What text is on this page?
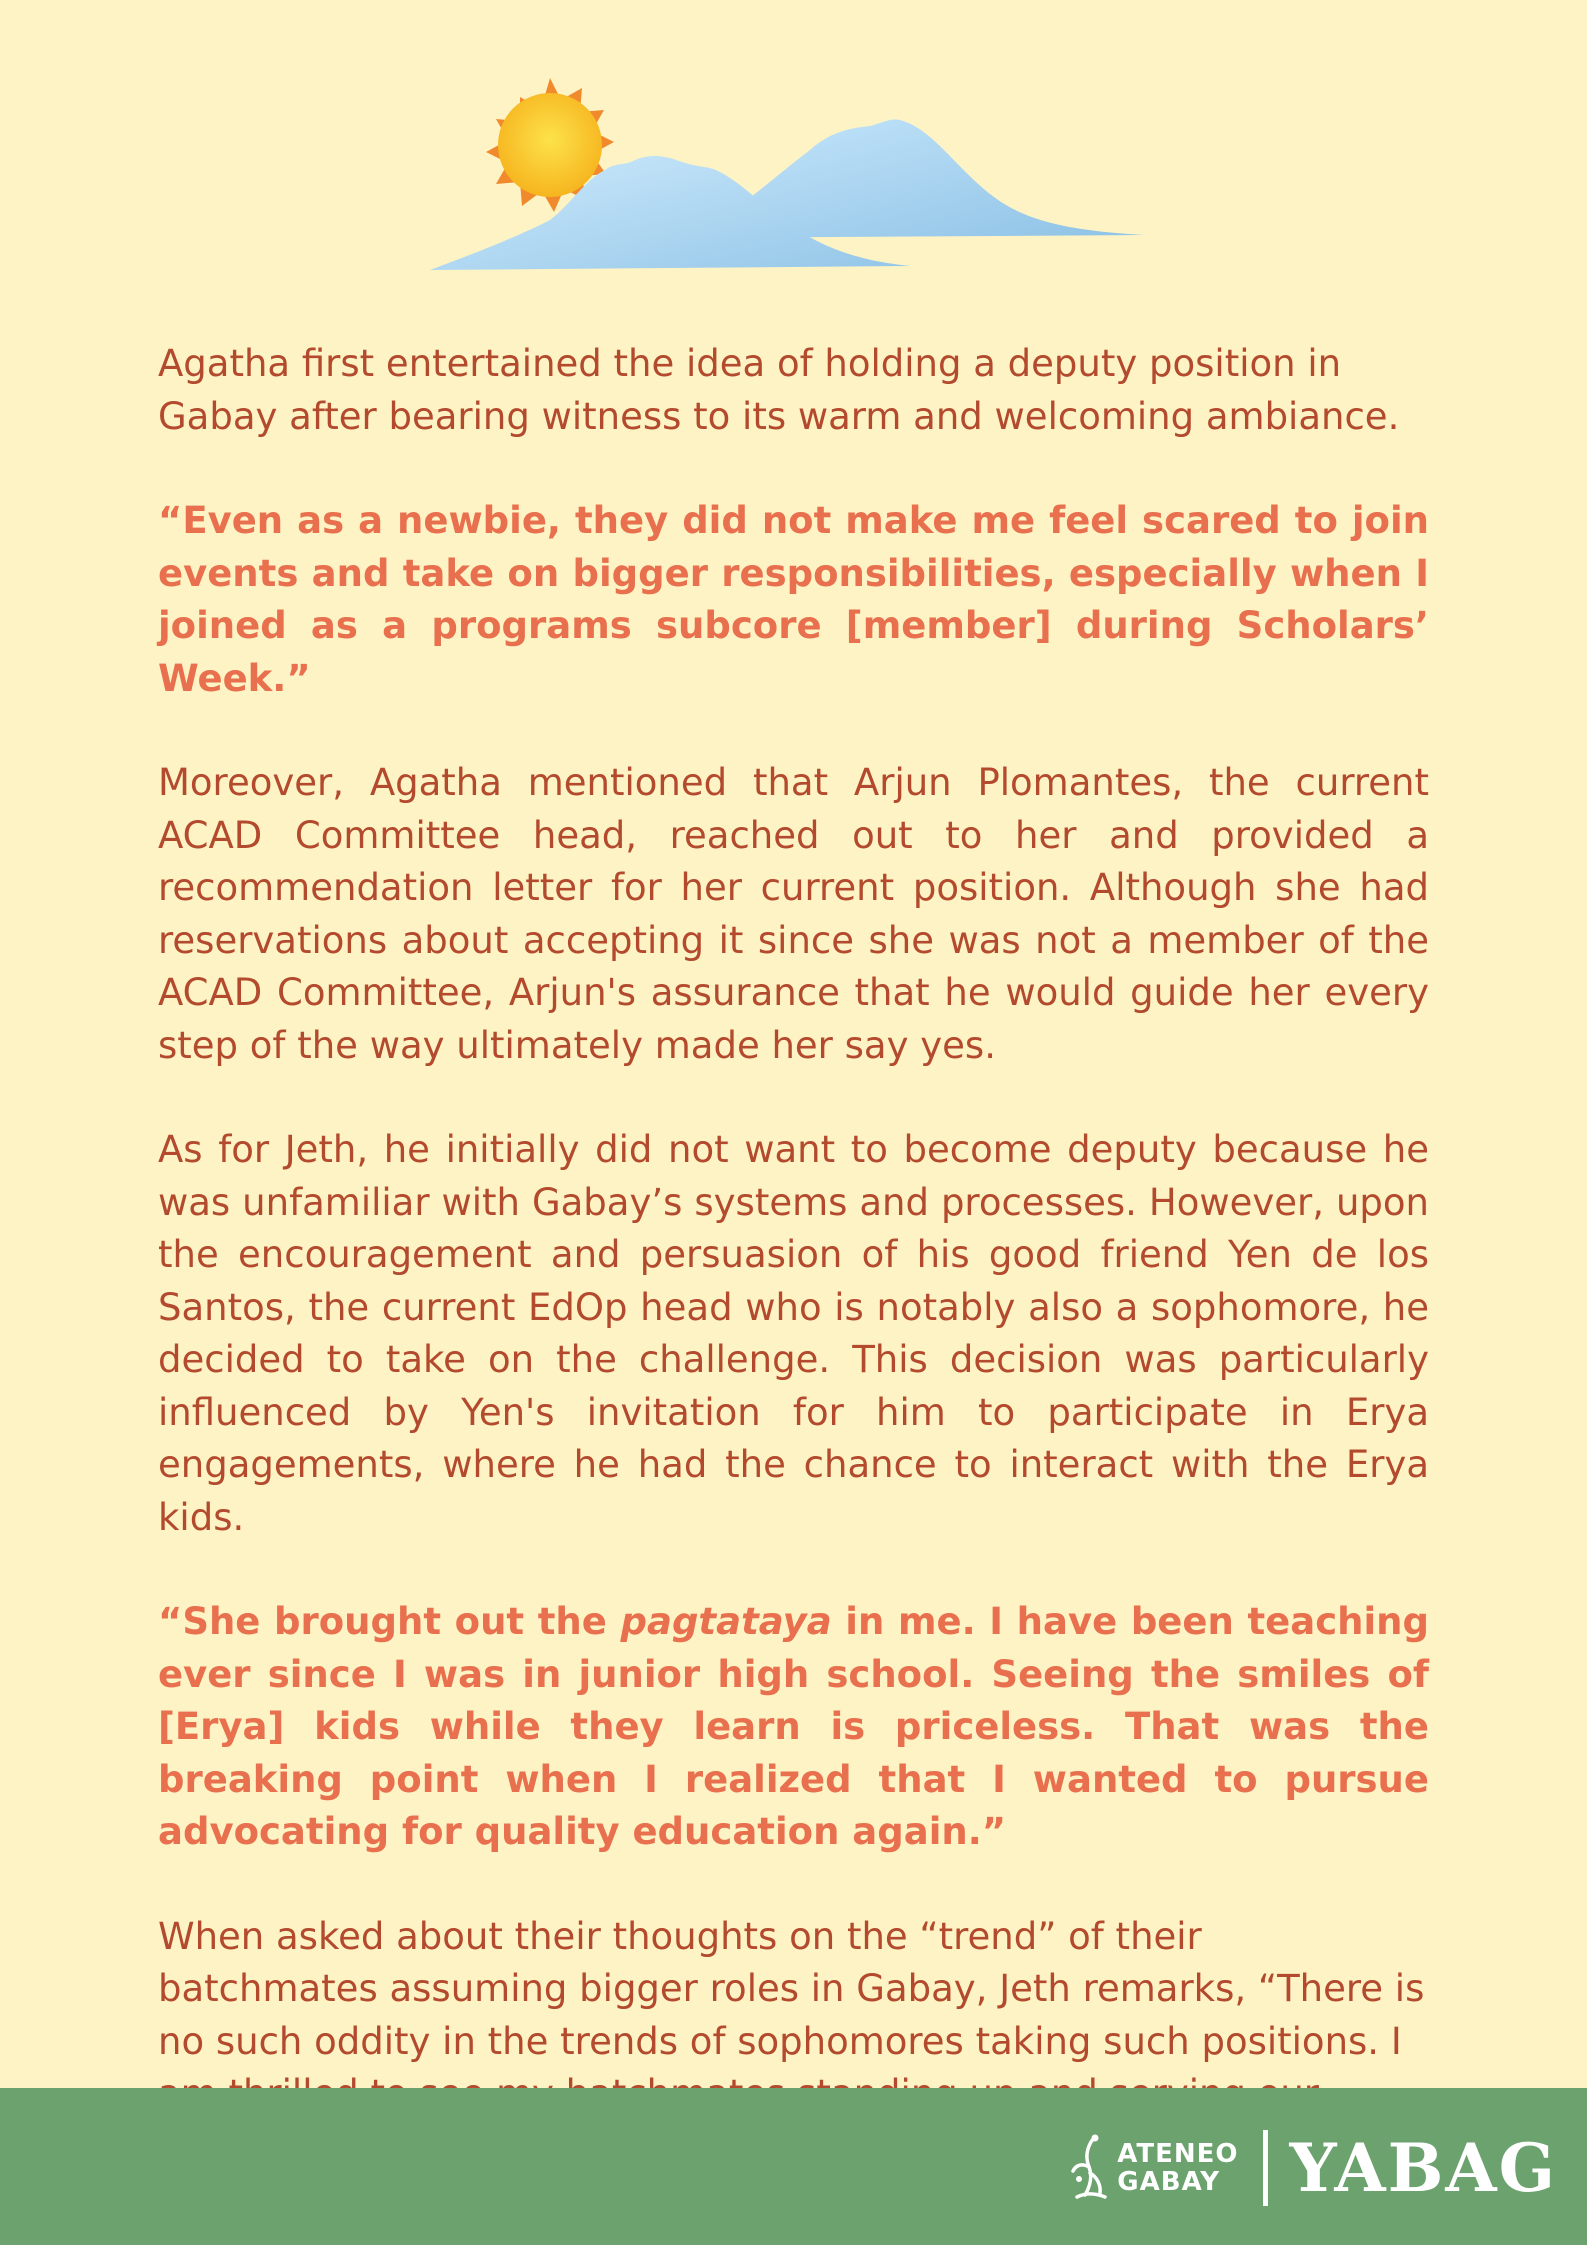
Agatha first entertained the idea of holding a deputy position in Gabay after bearing witness to its warm and welcoming ambiance.

“Even as a newbie, they did not make me feel scared to join events and take on bigger responsibilities, especially when I joined as a programs subcore [member] during Scholars’ Week.”

Moreover, Agatha mentioned that Arjun Plomantes, the current ACAD Committee head, reached out to her and provided a recommendation letter for her current position. Although she had reservations about accepting it since she was not a member of the ACAD Committee, Arjun's assurance that he would guide her every step of the way ultimately made her say yes.

As for Jeth, he initially did not want to become deputy because he was unfamiliar with Gabay’s systems and processes. However, upon the encouragement and persuasion of his good friend Yen de los Santos, the current EdOp head who is notably also a sophomore, he decided to take on the challenge. This decision was particularly influenced by Yen's invitation for him to participate in Erya engagements, where he had the chance to interact with the Erya kids.

“She brought out the pagtataya in me. I have been teaching ever since I was in junior high school. Seeing the smiles of [Erya] kids while they learn is priceless. That was the breaking point when I realized that I wanted to pursue advocating for quality education again.”

When asked about their thoughts on the “trend” of their batchmates assuming bigger roles in Gabay, Jeth remarks, “There is no such oddity in the trends of sophomores taking such positions. I

ATENEO
GABAY YABAG
